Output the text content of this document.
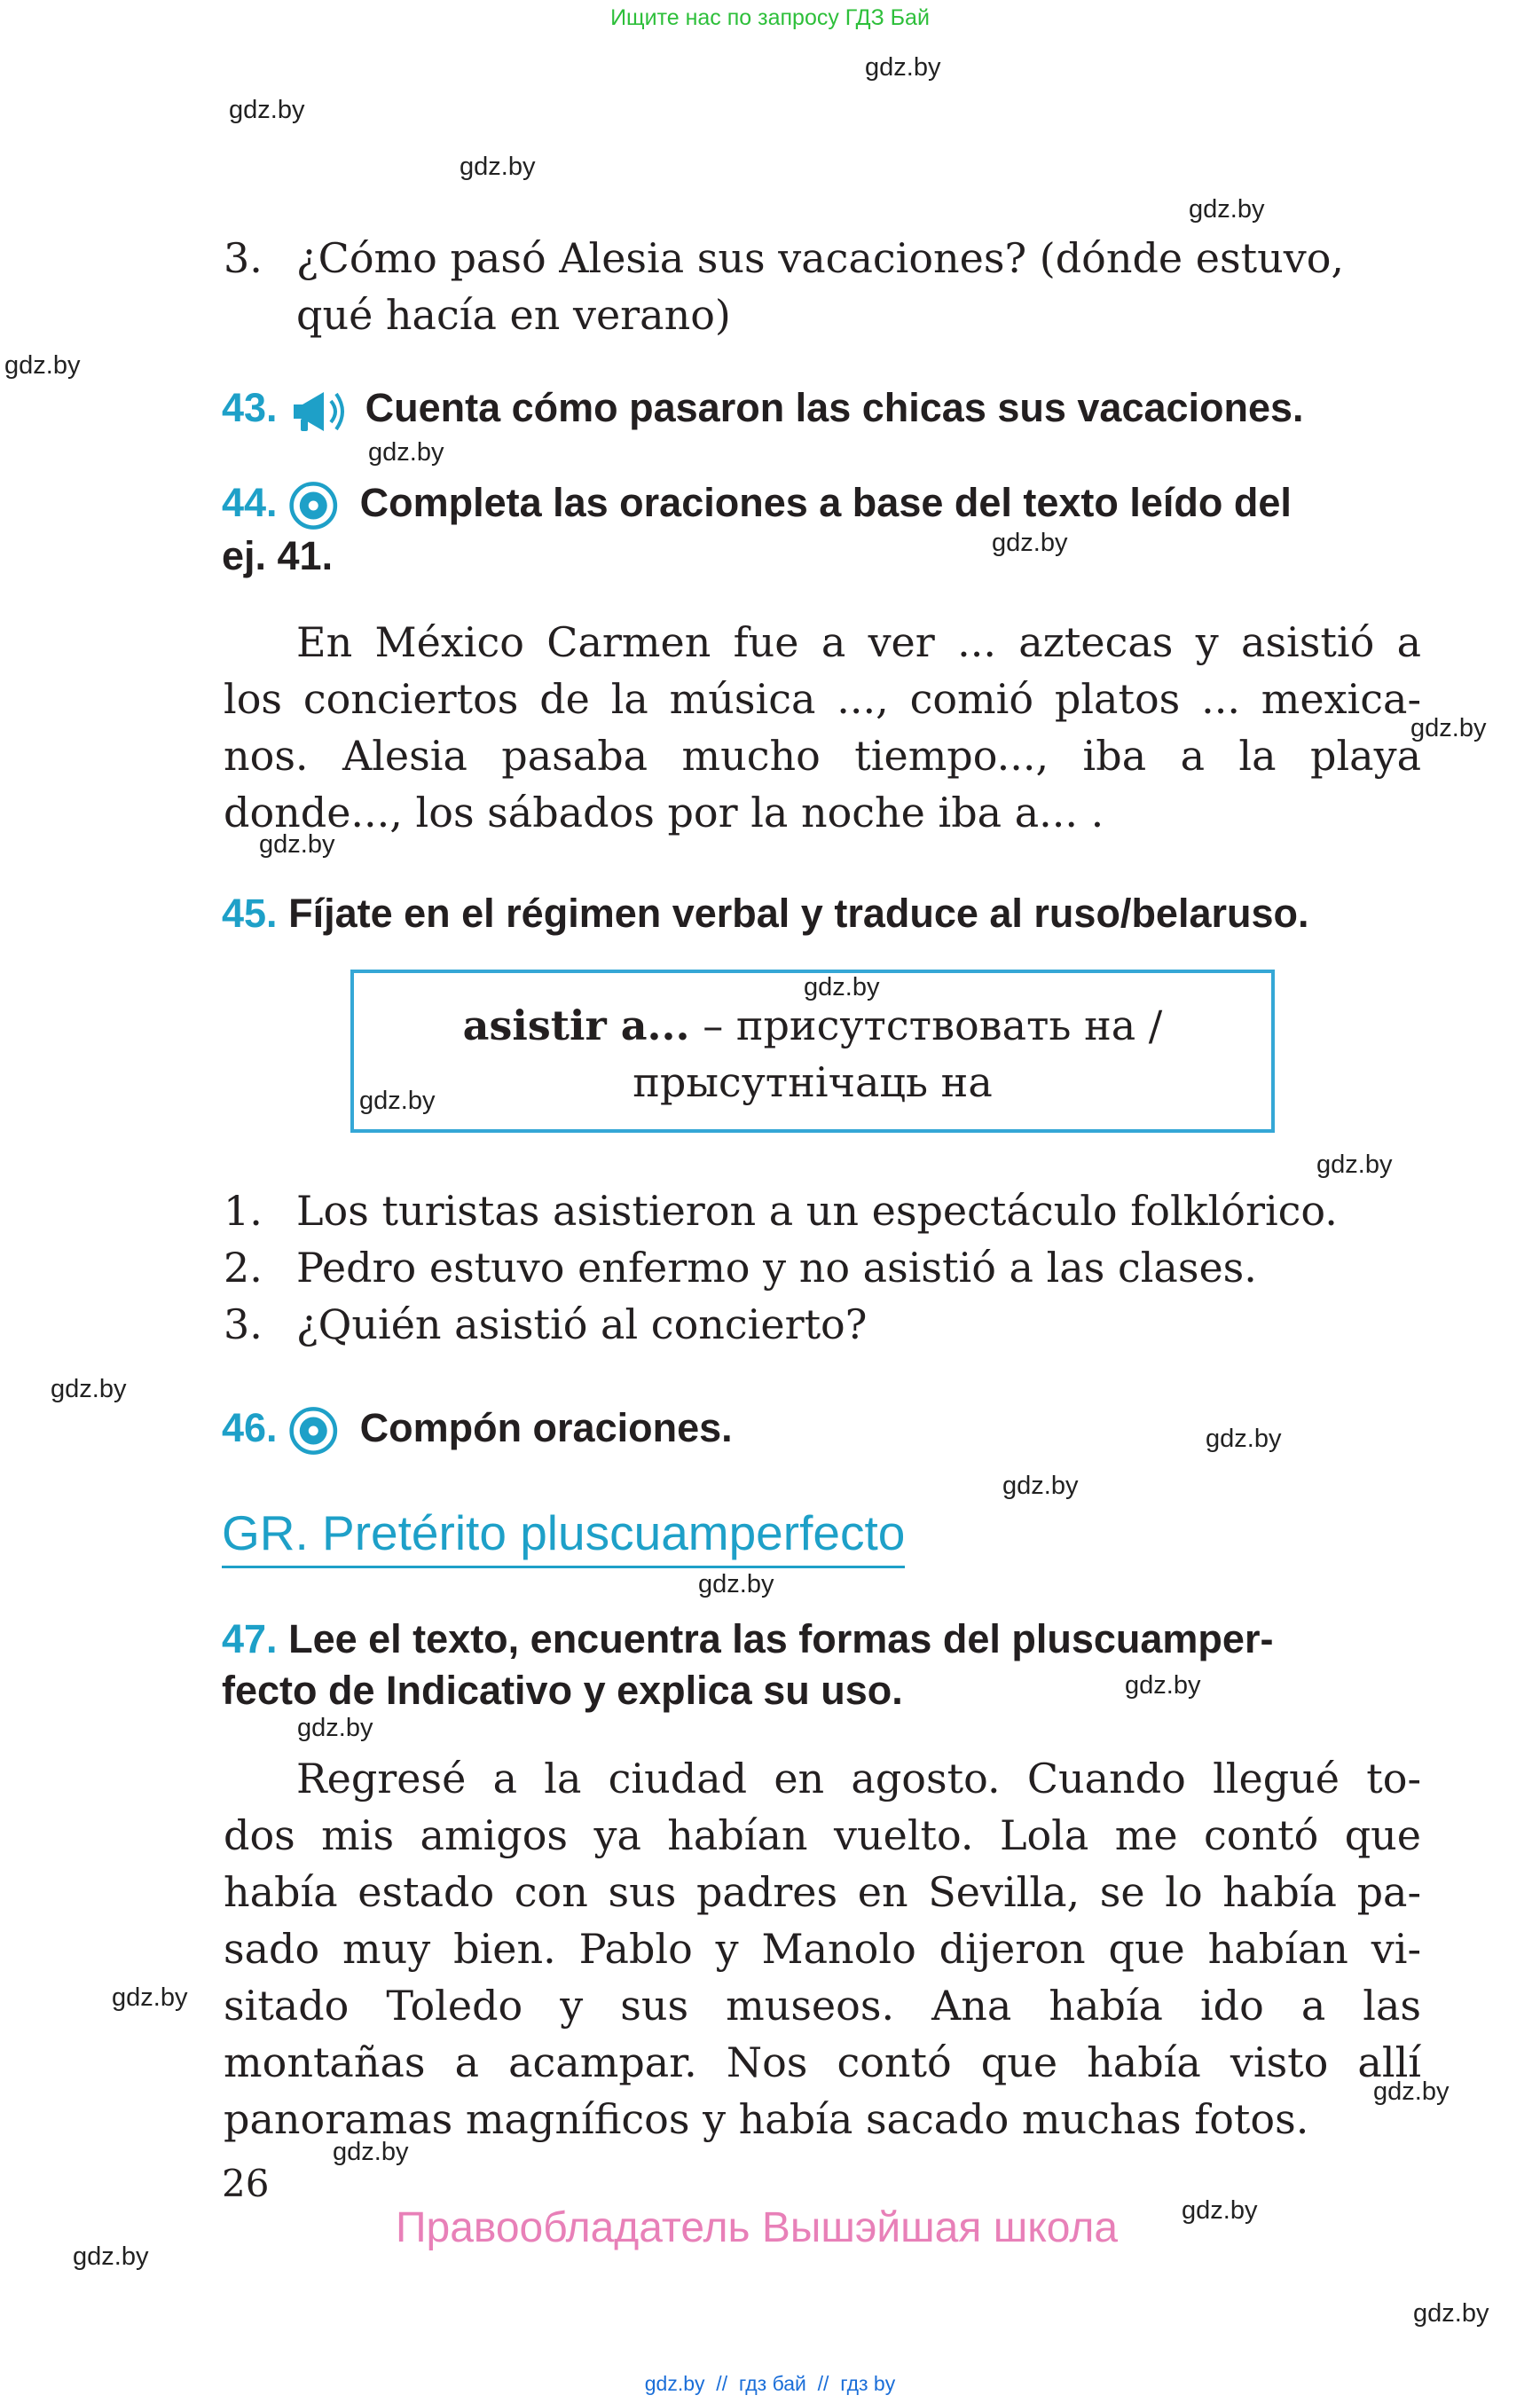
Ищите нас по запросу ГДЗ Бай
gdz.by
gdz.by
gdz.by
gdz.by
gdz.by
gdz.by
gdz.by
gdz.by
gdz.by
gdz.by
gdz.by
gdz.by
gdz.by
gdz.by
gdz.by
gdz.by
gdz.by
gdz.by
gdz.by
gdz.by
gdz.by
gdz.by
gdz.by
gdz.by
3. ¿Cómo pasó Alesia sus vacaciones? (dónde estuvo,
qué hacía en verano)
43. Cuenta cómo pasaron las chicas sus vacaciones.
44. Completa las oraciones a base del texto leído del
ej. 41.
En México Carmen fue a ver ... aztecas y asistió a
los conciertos de la música ..., comió platos ... mexica-
nos. Alesia pasaba mucho tiempo..., iba a la playa
donde..., los sábados por la noche iba a... .
45. Fíjate en el régimen verbal y traduce al ruso/belaruso.
asistir a... – присутствовать на /
прысутнічаць на
1. Los turistas asistieron a un espectáculo folklórico.
2. Pedro estuvo enfermo y no asistió a las clases.
3. ¿Quién asistió al concierto?
46. Compón oraciones.
GR. Pretérito pluscuamperfecto
47. Lee el texto, encuentra las formas del pluscuamper-
fecto de Indicativo y explica su uso.
Regresé a la ciudad en agosto. Cuando llegué to-
dos mis amigos ya habían vuelto. Lola me contó que
había estado con sus padres en Sevilla, se lo había pa-
sado muy bien. Pablo y Manolo dijeron que habían vi-
sitado Toledo y sus museos. Ana había ido a las
montañas a acampar. Nos contó que había visto allí
panoramas magníficos y había sacado muchas fotos.
26
Правообладатель Вышэйшая школа
gdz.by  //  гдз бай  //  гдз by
